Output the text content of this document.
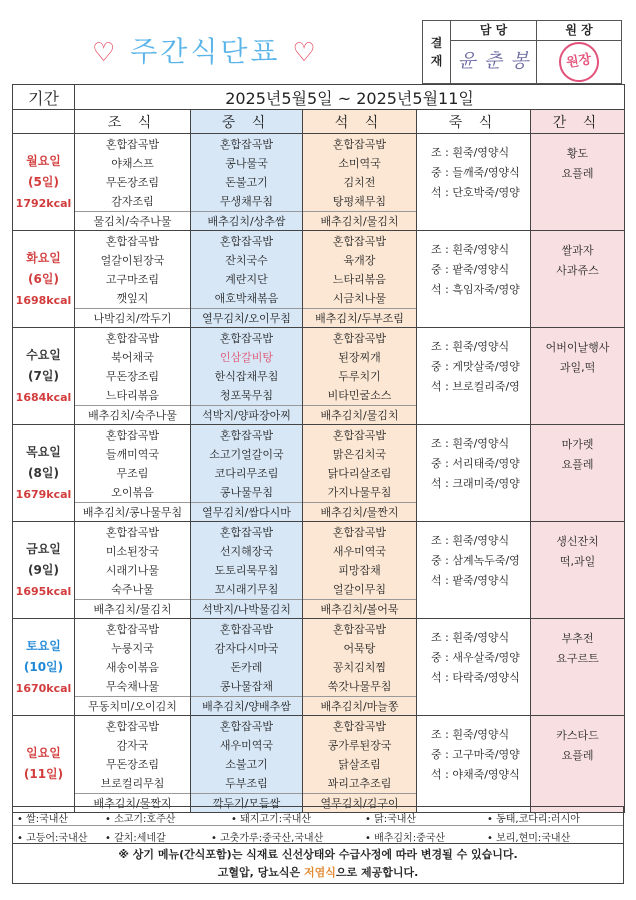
♡ 주간식단표 ♡	결
재
담 당
윤 춘 봉
원 장
원장
기간	2025년5월5일 ~ 2025년5월11일				
	조 식	중 식	석 식	죽 식	간 식

월요일
(5일)
1792kcal	혼합잡곡밥
야채스프
무돈장조림
감자조림
물김치/숙주나물	혼합잡곡밥
콩나물국
돈불고기
무생채무침
배추김치/상추쌈	혼합잡곡밥
소미역국
김치전
탕평채무침
배추김치/물김치	조 : 흰죽/영양식
중 : 들깨죽/영양식
석 : 단호박죽/영양	황도
요플레

화요일
(6일)
1698kcal	혼합잡곡밥
얼갈이된장국
고구마조림
깻잎지
나박김치/깍두기	혼합잡곡밥
잔치국수
계란지단
애호박채볶음
열무김치/오이무침	혼합잡곡밥
육개장
느타리볶음
시금치나물
배추김치/두부조림	조 : 흰죽/영양식
중 : 팥죽/영양식
석 : 흑임자죽/영양	쌀과자
사과쥬스

수요일
(7일)
1684kcal	혼합잡곡밥
북어채국
무돈장조림
느타리볶음
배추김치/숙주나물	혼합잡곡밥
인삼갈비탕
한식잡채무침
청포묵무침
석박지/양파장아찌	혼합잡곡밥
된장찌개
두루치기
비타민굴소스
배추김치/물김치	조 : 흰죽/영양식
중 : 게맛살죽/영양
석 : 브로컬리죽/영	어버이날행사
과일,떡

목요일
(8일)
1679kcal	혼합잡곡밥
들깨미역국
무조림
오이볶음
배추김치/콩나물무침	혼합잡곡밥
소고기얼갈이국
코다리무조림
콩나물무침
열무김치/쌈다시마	혼합잡곡밥
맑은김치국
닭다리살조림
가지나물무침
배추김치/물짠지	조 : 흰죽/영양식
중 : 서리태죽/영양
석 : 크래미죽/영양	마가렛
요플레

금요일
(9일)
1695kcal	혼합잡곡밥
미소된장국
시래기나물
숙주나물
배추김치/물김치	혼합잡곡밥
선지해장국
도토리묵무침
꼬시래기무침
석박지/나박물김치	혼합잡곡밥
새우미역국
피망잡채
얼갈이무침
배추김치/볼어묵	조 : 흰죽/영양식
중 : 삼계녹두죽/영
석 : 팥죽/영양식	생신잔치
떡,과일

토요일
(10일)
1670kcal	혼합잡곡밥
누룽지국
새송이볶음
무숙채나물
무동치미/오이김치	혼합잡곡밥
감자다시마국
돈카레
콩나물잡채
배추김치/양배추쌈	혼합잡곡밥
어묵탕
꽁치김치찜
쑥갓나물무침
배추김치/마늘쫑	조 : 흰죽/영양식
중 : 새우살죽/영양
석 : 타락죽/영양식	부추전
요구르트

일요일
(11일)	혼합잡곡밥
감자국
무돈장조림
브로컬리무침
배추김치/물짠지	혼합잡곡밥
새우미역국
소불고기
두부조림
깍두기/모듬쌈	혼합잡곡밥
콩가루된장국
닭살조림
꽈리고추조림
열무김치/김구이	조 : 흰죽/영양식
중 : 고구마죽/영양
석 : 야채죽/영양식	카스타드
요플레
• 쌀:국내산	• 소고기:호주산	• 돼지고기:국내산	• 닭:국내산	• 동태,코다리:러시아
• 고등어:국내산 • 갈치:세네갈	• 고춧가루:중국산,국내산	• 배추김치:중국산	• 보리,현미:국내산
※ 상기 메뉴(간식포함)는 식재료 신선상태와 수급사정에 따라 변경될 수 있습니다.
고혈압, 당뇨식은 저염식으로 제공합니다.
